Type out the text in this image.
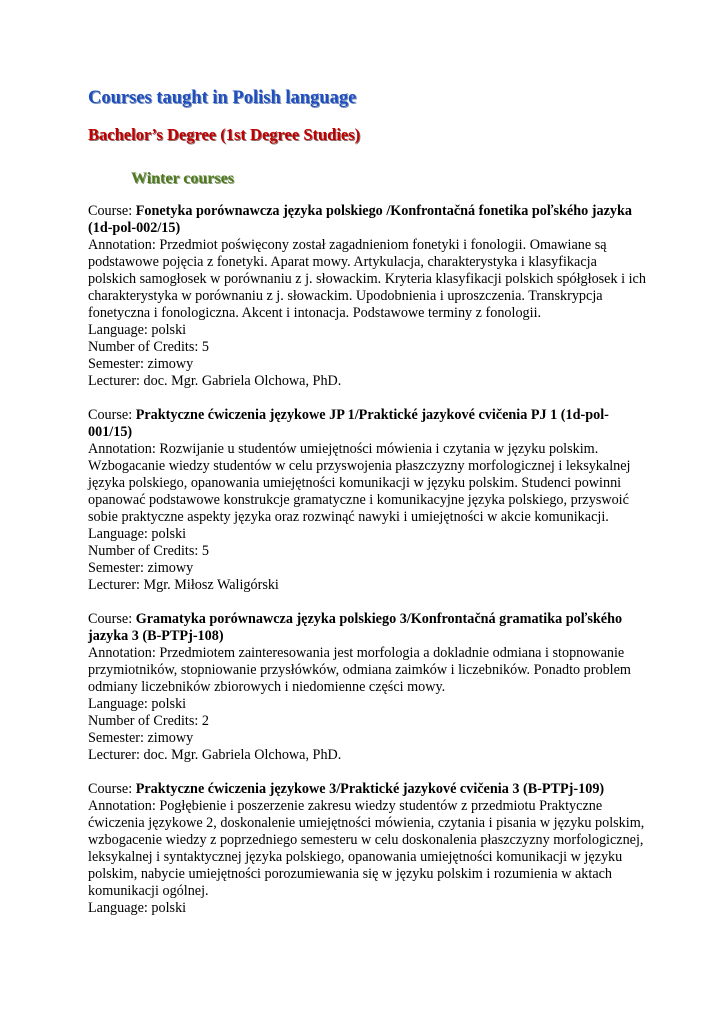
Courses taught in Polish language
Bachelor’s Degree (1st Degree Studies)
Winter courses
Course: Fonetyka porównawcza języka polskiego /Konfrontačná fonetika poľského jazyka (1d-pol-002/15)
Annotation: Przedmiot poświęcony został zagadnieniom fonetyki i fonologii. Omawiane są podstawowe pojęcia z fonetyki. Aparat mowy. Artykulacja, charakterystyka i klasyfikacja polskich samogłosek w porównaniu z j. słowackim. Kryteria klasyfikacji polskich spółgłosek i ich charakterystyka w porównaniu z j. słowackim. Upodobnienia i uproszczenia. Transkrypcja fonetyczna i fonologiczna. Akcent i intonacja. Podstawowe terminy z fonologii.
Language: polski
Number of Credits: 5
Semester: zimowy
Lecturer: doc. Mgr. Gabriela Olchowa, PhD.
Course: Praktyczne ćwiczenia językowe JP 1/Praktické jazykové cvičenia PJ 1 (1d-pol-001/15)
Annotation: Rozwijanie u studentów umiejętności mówienia i czytania w języku polskim. Wzbogacanie wiedzy studentów w celu przyswojenia płaszczyzny morfologicznej i leksykalnej języka polskiego, opanowania umiejętności komunikacji w języku polskim. Studenci powinni opanować podstawowe konstrukcje gramatyczne i komunikacyjne języka polskiego, przyswoić sobie praktyczne aspekty języka oraz rozwinąć nawyki i umiejętności w akcie komunikacji.
Language: polski
Number of Credits: 5
Semester: zimowy
Lecturer: Mgr. Miłosz Waligórski
Course: Gramatyka porównawcza języka polskiego 3/Konfrontačná gramatika poľského jazyka 3 (B-PTPj-108)
Annotation: Przedmiotem zainteresowania jest morfologia a dokladnie odmiana i stopnowanie przymiotników, stopniowanie przysłówków, odmiana zaimków i liczebników. Ponadto problem odmiany liczebników zbiorowych i niedomienne części mowy.
Language: polski
Number of Credits: 2
Semester: zimowy
Lecturer: doc. Mgr. Gabriela Olchowa, PhD.
Course: Praktyczne ćwiczenia językowe 3/Praktické jazykové cvičenia 3 (B-PTPj-109)
Annotation: Pogłębienie i poszerzenie zakresu wiedzy studentów z przedmiotu Praktyczne ćwiczenia językowe 2, doskonalenie umiejętności mówienia, czytania i pisania w języku polskim, wzbogacenie wiedzy z poprzedniego semesteru w celu doskonalenia płaszczyzny morfologicznej, leksykalnej i syntaktycznej języka polskiego, opanowania umiejętności komunikacji w języku polskim, nabycie umiejętności porozumiewania się w języku polskim i rozumienia w aktach komunikacji ogólnej.
Language: polski
